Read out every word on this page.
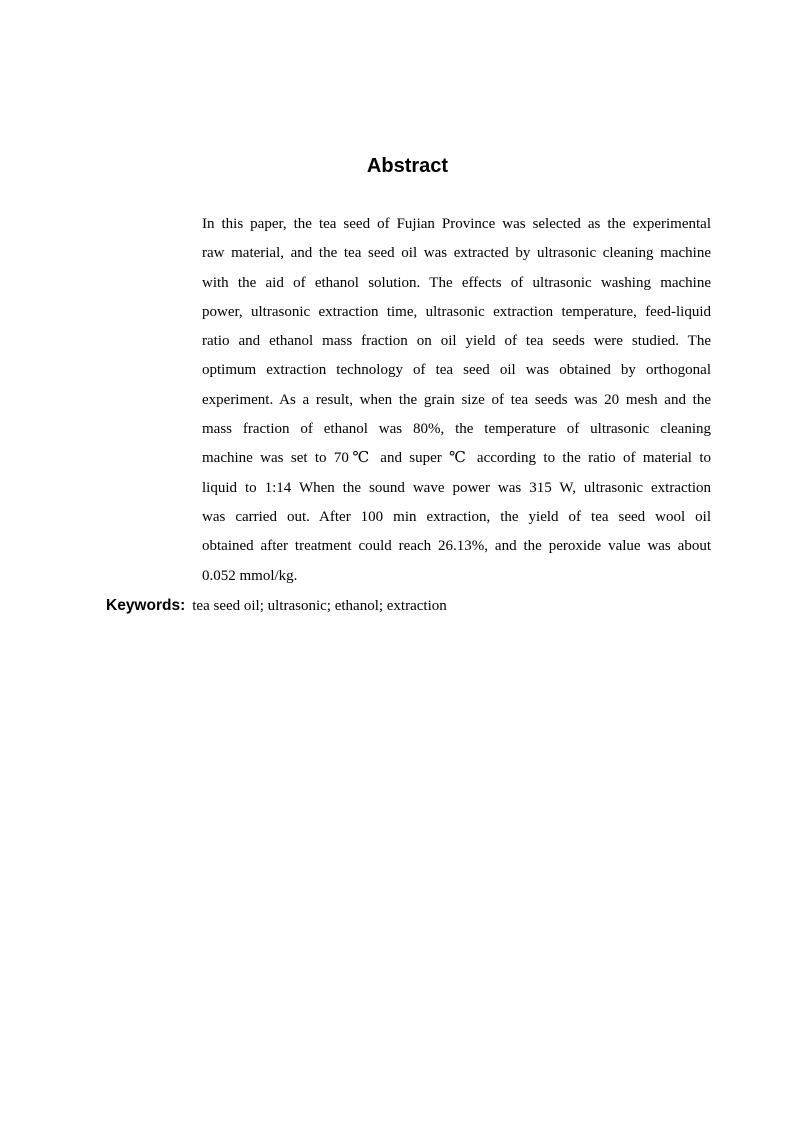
Abstract
In this paper, the tea seed of Fujian Province was selected as the experimental
raw material, and the tea seed oil was extracted by ultrasonic cleaning machine
with the aid of ethanol solution. The effects of ultrasonic washing machine
power, ultrasonic extraction time, ultrasonic extraction temperature, feed-liquid
ratio and ethanol mass fraction on oil yield of tea seeds were studied. The
optimum extraction technology of tea seed oil was obtained by orthogonal
experiment. As a result, when the grain size of tea seeds was 20 mesh and the
mass fraction of ethanol was 80%, the temperature of ultrasonic cleaning
machine was set to 70℃ and super ℃ according to the ratio of material to
liquid to 1:14 When the sound wave power was 315 W, ultrasonic extraction
was carried out. After 100 min extraction, the yield of tea seed wool oil
obtained after treatment could reach 26.13%, and the peroxide value was about
0.052 mmol/kg.
Keywords: tea seed oil; ultrasonic; ethanol; extraction
